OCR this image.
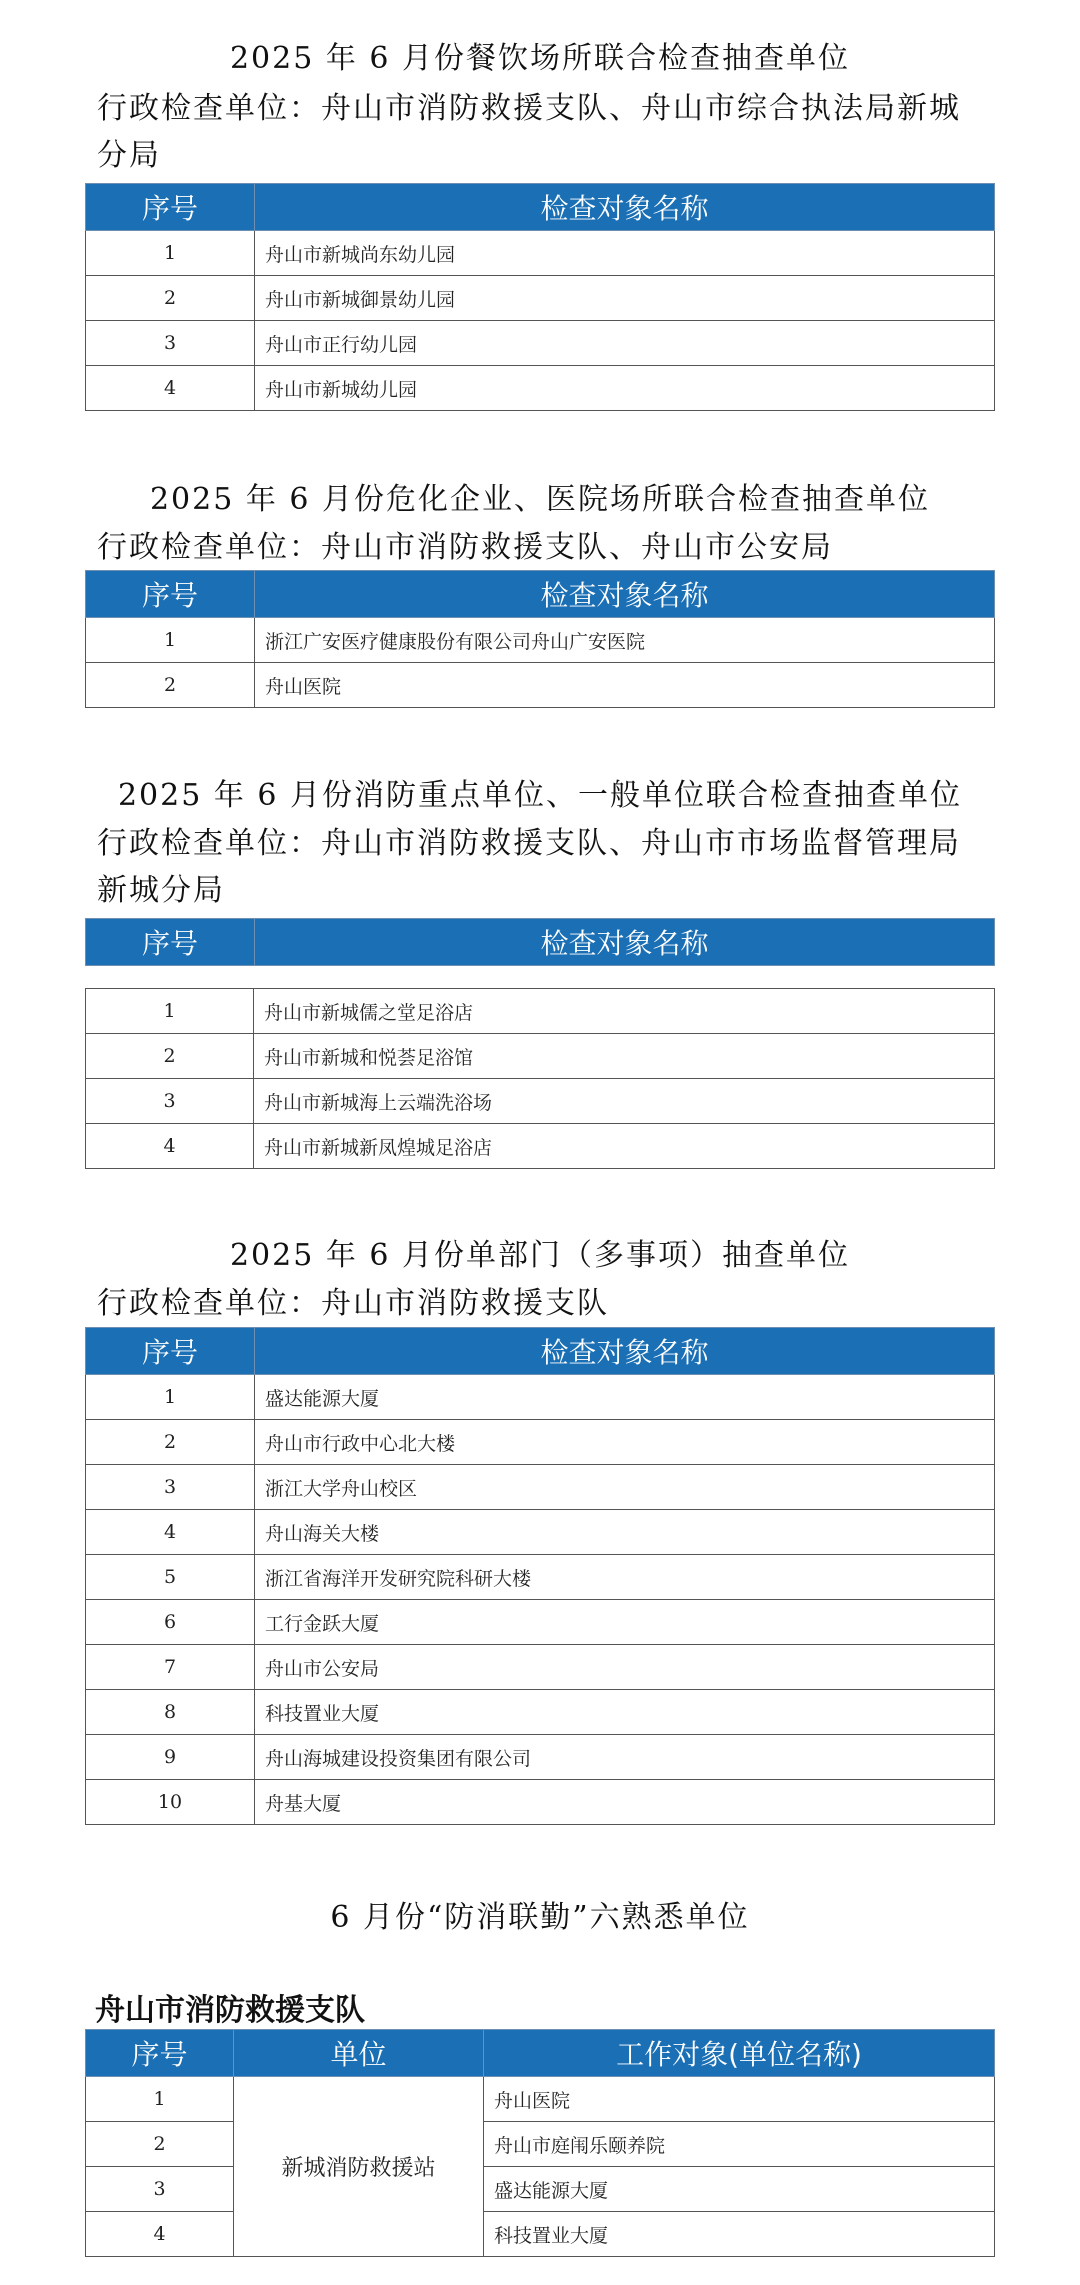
2025 年 6 月份餐饮场所联合检查抽查单位
行政检查单位：舟山市消防救援支队、舟山市综合执法局新城
分局
序号	检查对象名称
1	舟山市新城尚东幼儿园
2	舟山市新城御景幼儿园
3	舟山市正行幼儿园
4	舟山市新城幼儿园
2025 年 6 月份危化企业、医院场所联合检查抽查单位
行政检查单位：舟山市消防救援支队、舟山市公安局
序号	检查对象名称
1	浙江广安医疗健康股份有限公司舟山广安医院
2	舟山医院
2025 年 6 月份消防重点单位、一般单位联合检查抽查单位
行政检查单位：舟山市消防救援支队、舟山市市场监督管理局
新城分局
序号	检查对象名称
1	舟山市新城儒之堂足浴店
2	舟山市新城和悦荟足浴馆
3	舟山市新城海上云端洗浴场
4	舟山市新城新凤煌城足浴店
2025 年 6 月份单部门（多事项）抽查单位
行政检查单位：舟山市消防救援支队
序号	检查对象名称
1	盛达能源大厦
2	舟山市行政中心北大楼
3	浙江大学舟山校区
4	舟山海关大楼
5	浙江省海洋开发研究院科研大楼
6	工行金跃大厦
7	舟山市公安局
8	科技置业大厦
9	舟山海城建设投资集团有限公司
10	舟基大厦
6 月份“防消联勤”六熟悉单位
舟山市消防救援支队
序号	单位	工作对象(单位名称)
1	新城消防救援站	舟山医院
2		舟山市庭闱乐颐养院
3		盛达能源大厦
4		科技置业大厦
